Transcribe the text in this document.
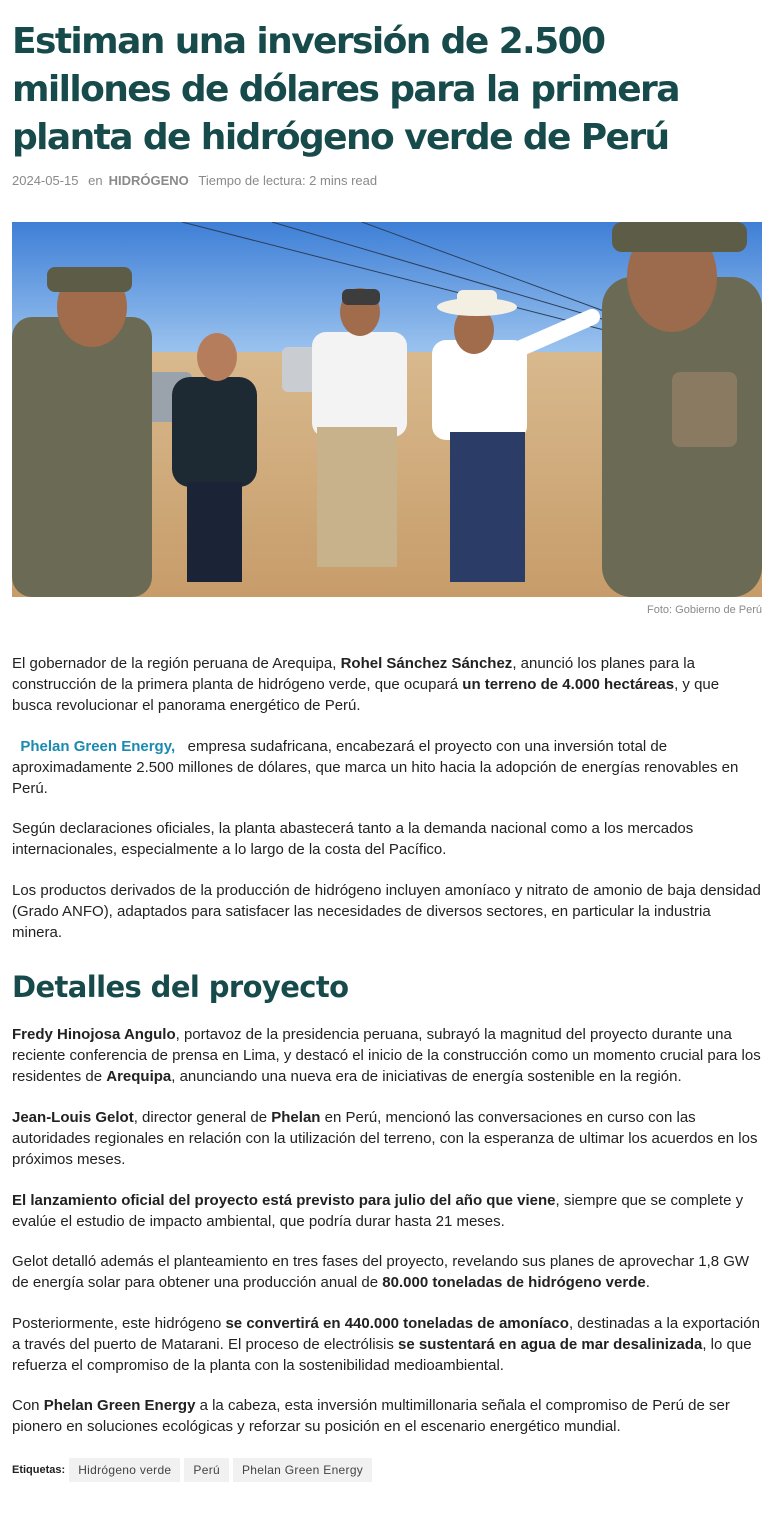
Estiman una inversión de 2.500 millones de dólares para la primera planta de hidrógeno verde de Perú
2024-05-15 en HIDRÓGENO Tiempo de lectura: 2 mins read
Foto: Gobierno de Perú

El gobernador de la región peruana de Arequipa, Rohel Sánchez Sánchez, anunció los planes para la construcción de la primera planta de hidrógeno verde, que ocupará un terreno de 4.000 hectáreas, y que busca revolucionar el panorama energético de Perú.

Phelan Green Energy,   empresa sudafricana, encabezará el proyecto con una inversión total de aproximadamente 2.500 millones de dólares, que marca un hito hacia la adopción de energías renovables en Perú.

Según declaraciones oficiales, la planta abastecerá tanto a la demanda nacional como a los mercados internacionales, especialmente a lo largo de la costa del Pacífico.

Los productos derivados de la producción de hidrógeno incluyen amoníaco y nitrato de amonio de baja densidad (Grado ANFO), adaptados para satisfacer las necesidades de diversos sectores, en particular la industria minera.

Detalles del proyecto

Fredy Hinojosa Angulo, portavoz de la presidencia peruana, subrayó la magnitud del proyecto durante una reciente conferencia de prensa en Lima, y destacó el inicio de la construcción como un momento crucial para los residentes de Arequipa, anunciando una nueva era de iniciativas de energía sostenible en la región.

Jean-Louis Gelot, director general de Phelan en Perú, mencionó las conversaciones en curso con las autoridades regionales en relación con la utilización del terreno, con la esperanza de ultimar los acuerdos en los próximos meses.

El lanzamiento oficial del proyecto está previsto para julio del año que viene, siempre que se complete y evalúe el estudio de impacto ambiental, que podría durar hasta 21 meses.

Gelot detalló además el planteamiento en tres fases del proyecto, revelando sus planes de aprovechar 1,8 GW de energía solar para obtener una producción anual de 80.000 toneladas de hidrógeno verde.

Posteriormente, este hidrógeno se convertirá en 440.000 toneladas de amoníaco, destinadas a la exportación a través del puerto de Matarani. El proceso de electrólisis se sustentará en agua de mar desalinizada, lo que refuerza el compromiso de la planta con la sostenibilidad medioambiental.

Con Phelan Green Energy a la cabeza, esta inversión multimillonaria señala el compromiso de Perú de ser pionero en soluciones ecológicas y reforzar su posición en el escenario energético mundial.

Etiquetas:	Hidrógeno verde	Perú	Phelan Green Energy
